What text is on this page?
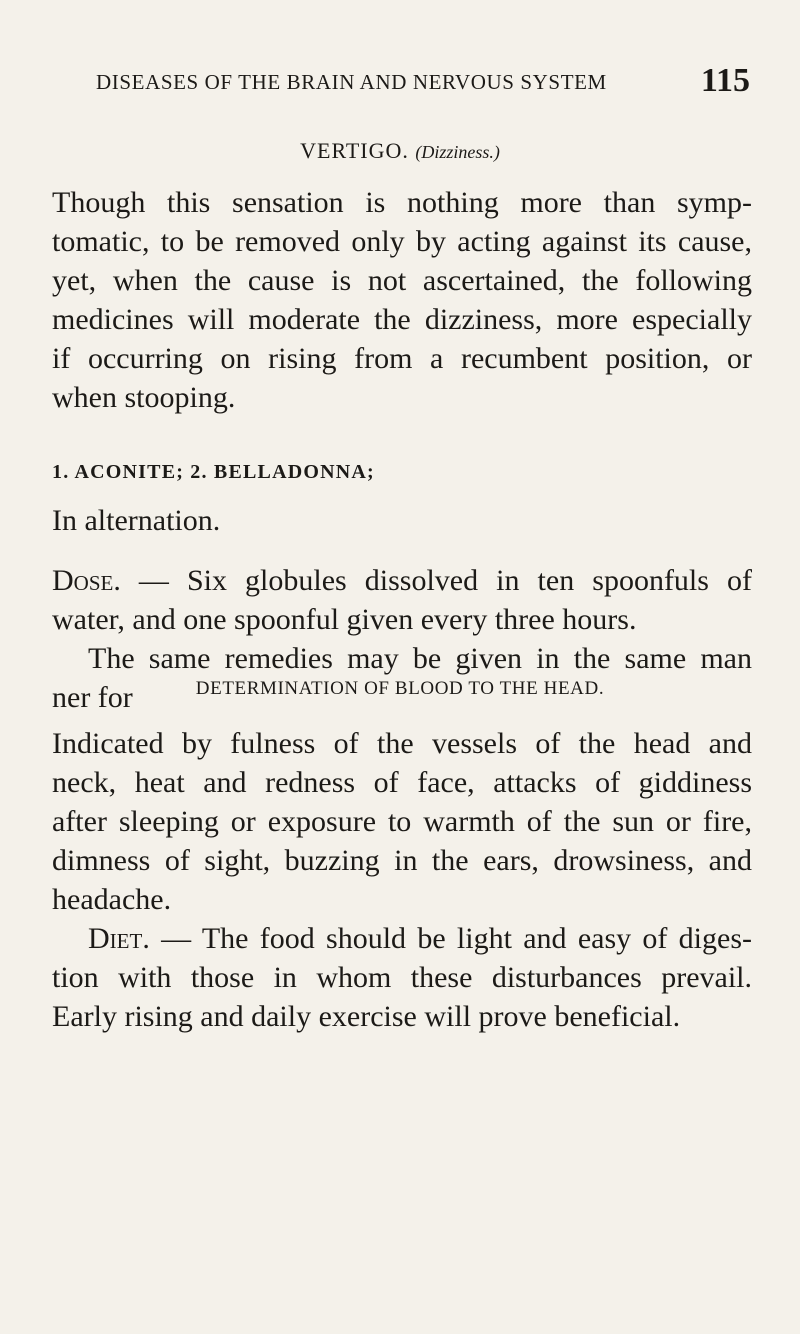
DISEASES OF THE BRAIN AND NERVOUS SYSTEM	115
VERTIGO. (Dizziness.)
Though this sensation is nothing more than symp-
tomatic, to be removed only by acting against its cause,
yet, when the cause is not ascertained, the following
medicines will moderate the dizziness, more especially
if occurring on rising from a recumbent position, or
when stooping.
1. ACONITE; 2. BELLADONNA;
In alternation.
Dose. — Six globules dissolved in ten spoonfuls of
water, and one spoonful given every three hours.
The same remedies may be given in the same man
ner for	DETERMINATION OF BLOOD TO THE HEAD.
Indicated by fulness of the vessels of the head and
neck, heat and redness of face, attacks of giddiness
after sleeping or exposure to warmth of the sun or fire,
dimness of sight, buzzing in the ears, drowsiness, and
headache.
Diet. — The food should be light and easy of diges-
tion with those in whom these disturbances prevail.
Early rising and daily exercise will prove beneficial.
